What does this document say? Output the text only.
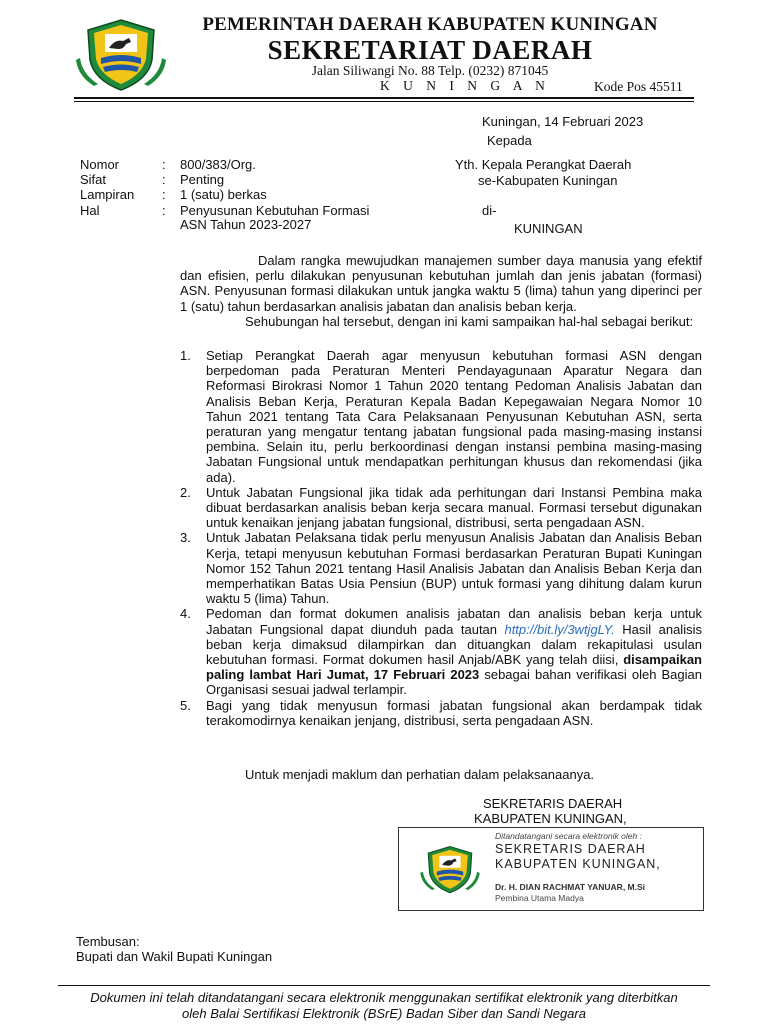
PEMERINTAH DAERAH KABUPATEN KUNINGAN
SEKRETARIAT DAERAH
Jalan Siliwangi No. 88 Telp. (0232) 871045
K U N I N G A N	Kode Pos 45511
Kuningan, 14 Februari 2023
Kepada
Nomor	: 800/383/Org.
Sifat	: Penting
Lampiran : 1 (satu) berkas
Hal	: Penyusunan Kebutuhan Formasi
ASN Tahun 2023-2027
Yth. Kepala Perangkat Daerah
se-Kabupaten Kuningan
di-
KUNINGAN
Dalam rangka mewujudkan manajemen sumber daya manusia yang efektif dan efisien, perlu dilakukan penyusunan kebutuhan jumlah dan jenis jabatan (formasi) ASN. Penyusunan formasi dilakukan untuk jangka waktu 5 (lima) tahun yang diperinci per 1 (satu) tahun berdasarkan analisis jabatan dan analisis beban kerja.
Sehubungan hal tersebut, dengan ini kami sampaikan hal-hal sebagai berikut:
1.	Setiap Perangkat Daerah agar menyusun kebutuhan formasi ASN dengan berpedoman pada Peraturan Menteri Pendayagunaan Aparatur Negara dan Reformasi Birokrasi Nomor 1 Tahun 2020 tentang Pedoman Analisis Jabatan dan Analisis Beban Kerja, Peraturan Kepala Badan Kepegawaian Negara Nomor 10 Tahun 2021 tentang Tata Cara Pelaksanaan Penyusunan Kebutuhan ASN, serta peraturan yang mengatur tentang jabatan fungsional pada masing-masing instansi pembina. Selain itu, perlu berkoordinasi dengan instansi pembina masing-masing Jabatan Fungsional untuk mendapatkan perhitungan khusus dan rekomendasi (jika ada).
2.	Untuk Jabatan Fungsional jika tidak ada perhitungan dari Instansi Pembina maka dibuat berdasarkan analisis beban kerja secara manual. Formasi tersebut digunakan untuk kenaikan jenjang jabatan fungsional, distribusi, serta pengadaan ASN.
3.	Untuk Jabatan Pelaksana tidak perlu menyusun Analisis Jabatan dan Analisis Beban Kerja, tetapi menyusun kebutuhan Formasi berdasarkan Peraturan Bupati Kuningan Nomor 152 Tahun 2021 tentang Hasil Analisis Jabatan dan Analisis Beban Kerja dan memperhatikan Batas Usia Pensiun (BUP) untuk formasi yang dihitung dalam kurun waktu 5 (lima) Tahun.
4.	Pedoman dan format dokumen analisis jabatan dan analisis beban kerja untuk Jabatan Fungsional dapat diunduh pada tautan http://bit.ly/3wtjgLY. Hasil analisis beban kerja dimaksud dilampirkan dan dituangkan dalam rekapitulasi usulan kebutuhan formasi. Format dokumen hasil Anjab/ABK yang telah diisi, disampaikan paling lambat Hari Jumat, 17 Februari 2023 sebagai bahan verifikasi oleh Bagian Organisasi sesuai jadwal terlampir.
5.	Bagi yang tidak menyusun formasi jabatan fungsional akan berdampak tidak terakomodirnya kenaikan jenjang, distribusi, serta pengadaan ASN.
Untuk menjadi maklum dan perhatian dalam pelaksanaanya.
SEKRETARIS DAERAH
KABUPATEN KUNINGAN,
Ditandatangani secara elektronik oleh :
SEKRETARIS DAERAH
KABUPATEN KUNINGAN,
Dr. H. DIAN RACHMAT YANUAR, M.Si
Pembina Utama Madya
Tembusan:
Bupati dan Wakil Bupati Kuningan
Dokumen ini telah ditandatangani secara elektronik menggunakan sertifikat elektronik yang diterbitkan
oleh Balai Sertifikasi Elektronik (BSrE) Badan Siber dan Sandi Negara
